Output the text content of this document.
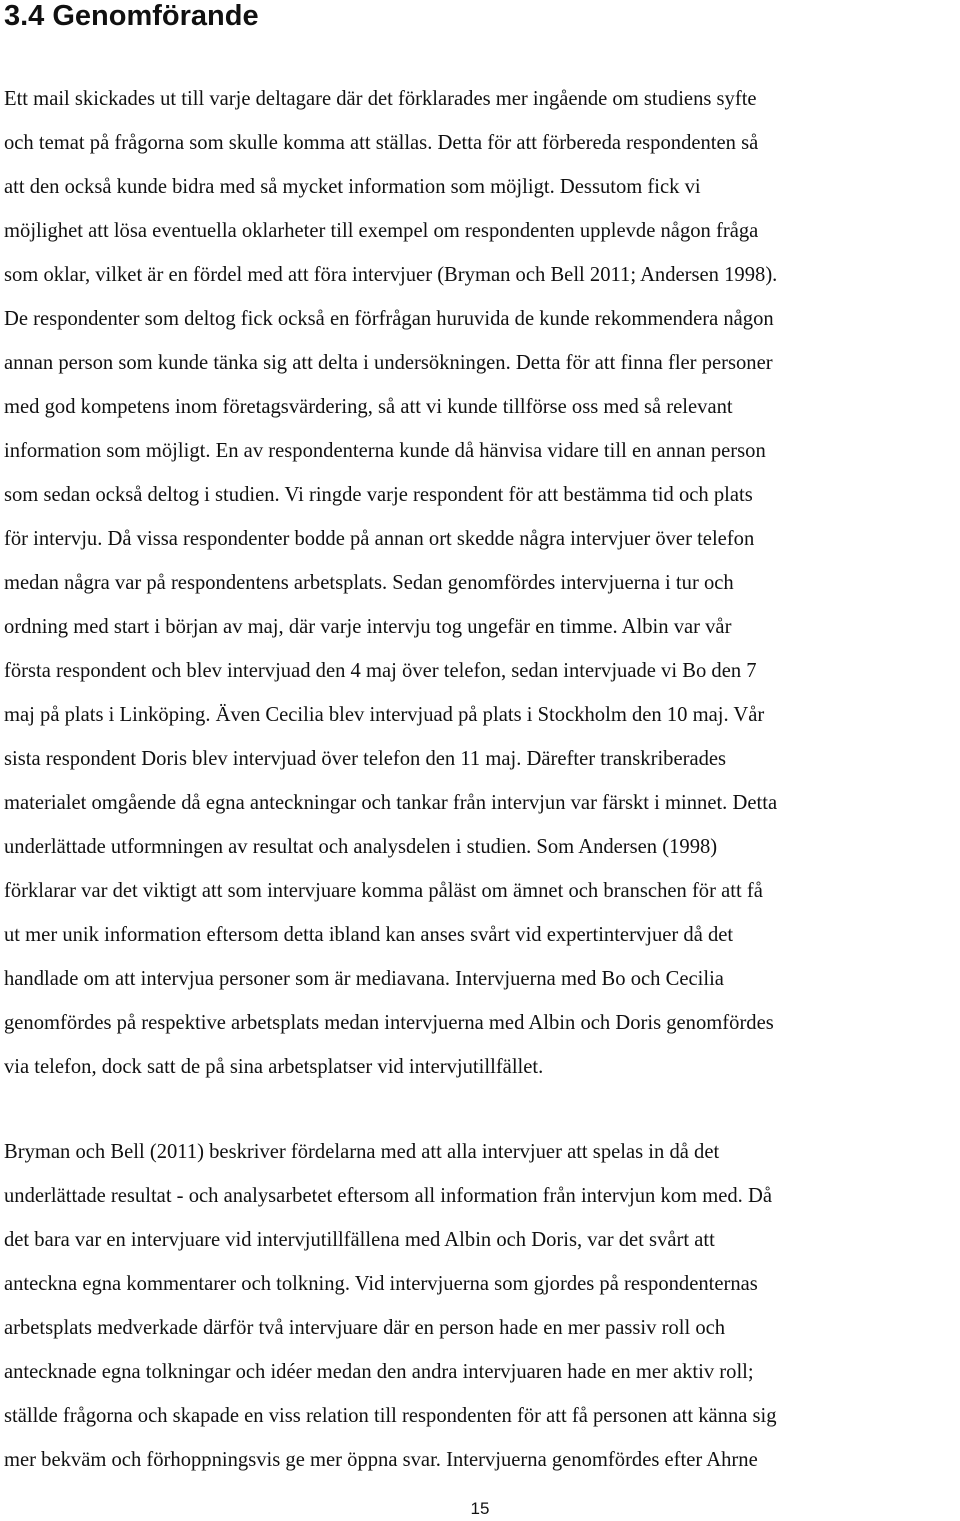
3.4 Genomförande

Ett mail skickades ut till varje deltagare där det förklarades mer ingående om studiens syfte
och temat på frågorna som skulle komma att ställas. Detta för att förbereda respondenten så
att den också kunde bidra med så mycket information som möjligt. Dessutom fick vi
möjlighet att lösa eventuella oklarheter till exempel om respondenten upplevde någon fråga
som oklar, vilket är en fördel med att föra intervjuer (Bryman och Bell 2011; Andersen 1998).
De respondenter som deltog fick också en förfrågan huruvida de kunde rekommendera någon
annan person som kunde tänka sig att delta i undersökningen. Detta för att finna fler personer
med god kompetens inom företagsvärdering, så att vi kunde tillförse oss med så relevant
information som möjligt. En av respondenterna kunde då hänvisa vidare till en annan person
som sedan också deltog i studien. Vi ringde varje respondent för att bestämma tid och plats
för intervju. Då vissa respondenter bodde på annan ort skedde några intervjuer över telefon
medan några var på respondentens arbetsplats. Sedan genomfördes intervjuerna i tur och
ordning med start i början av maj, där varje intervju tog ungefär en timme. Albin var vår
första respondent och blev intervjuad den 4 maj över telefon, sedan intervjuade vi Bo den 7
maj på plats i Linköping. Även Cecilia blev intervjuad på plats i Stockholm den 10 maj. Vår
sista respondent Doris blev intervjuad över telefon den 11 maj. Därefter transkriberades
materialet omgående då egna anteckningar och tankar från intervjun var färskt i minnet. Detta
underlättade utformningen av resultat och analysdelen i studien. Som Andersen (1998)
förklarar var det viktigt att som intervjuare komma påläst om ämnet och branschen för att få
ut mer unik information eftersom detta ibland kan anses svårt vid expertintervjuer då det
handlade om att intervjua personer som är mediavana. Intervjuerna med Bo och Cecilia
genomfördes på respektive arbetsplats medan intervjuerna med Albin och Doris genomfördes
via telefon, dock satt de på sina arbetsplatser vid intervjutillfället.

Bryman och Bell (2011) beskriver fördelarna med att alla intervjuer att spelas in då det
underlättade resultat - och analysarbetet eftersom all information från intervjun kom med. Då
det bara var en intervjuare vid intervjutillfällena med Albin och Doris, var det svårt att
anteckna egna kommentarer och tolkning. Vid intervjuerna som gjordes på respondenternas
arbetsplats medverkade därför två intervjuare där en person hade en mer passiv roll och
antecknade egna tolkningar och idéer medan den andra intervjuaren hade en mer aktiv roll;
ställde frågorna och skapade en viss relation till respondenten för att få personen att känna sig
mer bekväm och förhoppningsvis ge mer öppna svar. Intervjuerna genomfördes efter Ahrne

15
